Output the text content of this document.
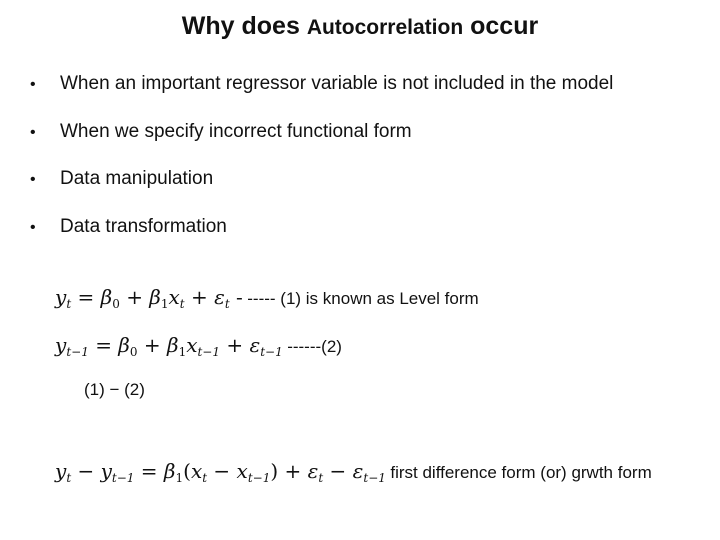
Why does Autocorrelation occur
• When an important regressor variable is not included in the model
• When we specify incorrect functional form
• Data manipulation
• Data transformation
$y_t = \beta_0 + \beta_1x_t + \varepsilon_t$ - ----- (1) is known as Level form
$y_{t-1} = \beta_0 + \beta_1x_{t-1} + \varepsilon_{t-1}$ ------(2)
(1) − (2)
$y_t - y_{t-1} = \beta_1(x_t - x_{t-1}) + \varepsilon_t - \varepsilon_{t-1}$ first difference form (or) grwth form
